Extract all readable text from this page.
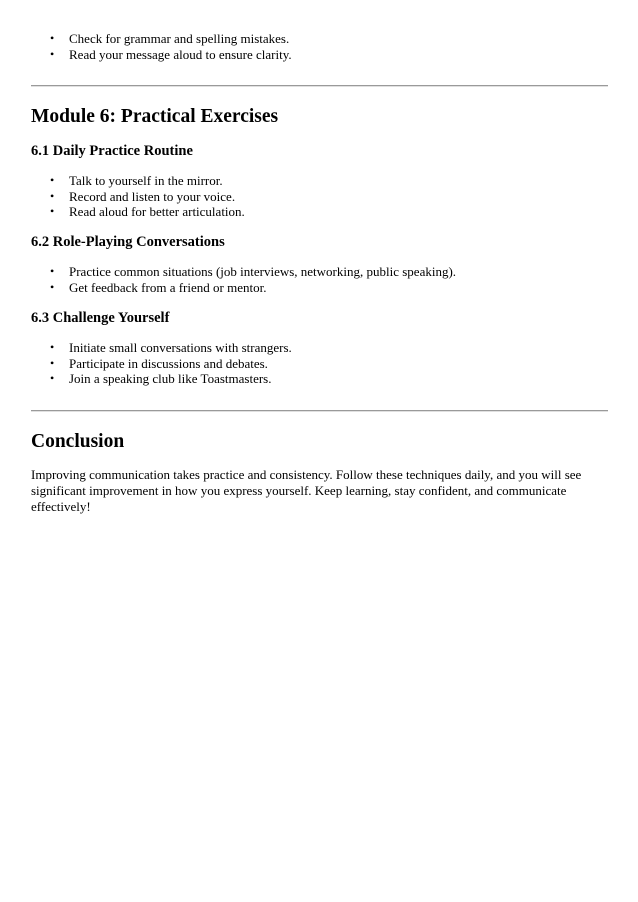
• Check for grammar and spelling mistakes.
• Read your message aloud to ensure clarity.
Module 6: Practical Exercises
6.1 Daily Practice Routine
• Talk to yourself in the mirror.
• Record and listen to your voice.
• Read aloud for better articulation.
6.2 Role-Playing Conversations
• Practice common situations (job interviews, networking, public speaking).
• Get feedback from a friend or mentor.
6.3 Challenge Yourself
• Initiate small conversations with strangers.
• Participate in discussions and debates.
• Join a speaking club like Toastmasters.
Conclusion

Improving communication takes practice and consistency. Follow these techniques daily, and you will see significant improvement in how you express yourself. Keep learning, stay confident, and communicate effectively!
